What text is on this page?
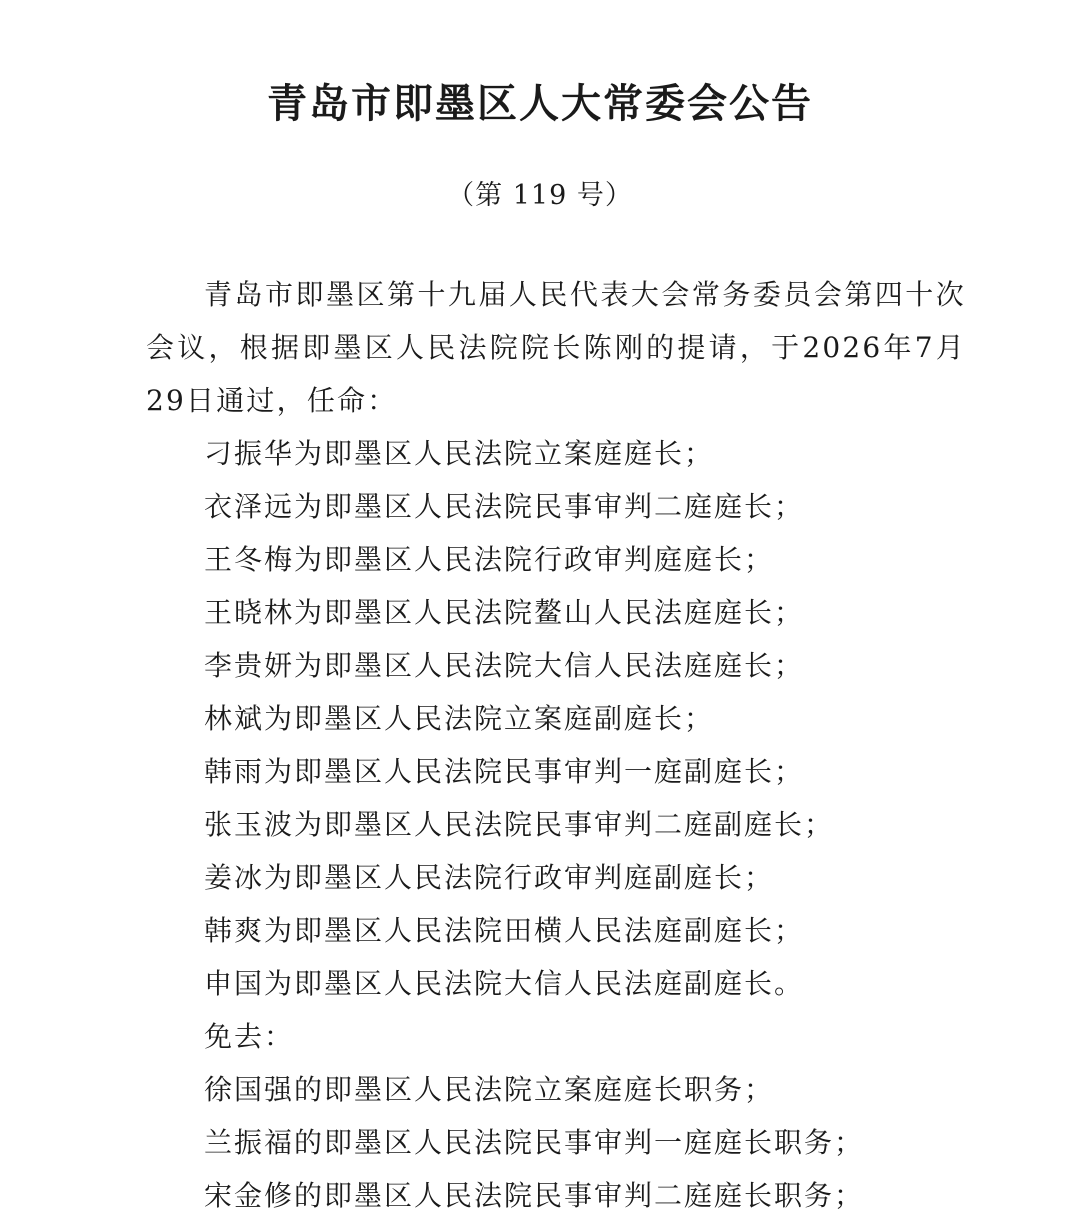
青岛市即墨区人大常委会公告
（第 119 号）

青岛市即墨区第十九届人民代表大会常务委员会第四十次会议，根据即墨区人民法院院长陈刚的提请，于2026年7月29日通过，任命：

刁振华为即墨区人民法院立案庭庭长；

衣泽远为即墨区人民法院民事审判二庭庭长；

王冬梅为即墨区人民法院行政审判庭庭长；

王晓林为即墨区人民法院鳌山人民法庭庭长；

李贵妍为即墨区人民法院大信人民法庭庭长；

林斌为即墨区人民法院立案庭副庭长；

韩雨为即墨区人民法院民事审判一庭副庭长；

张玉波为即墨区人民法院民事审判二庭副庭长；

姜冰为即墨区人民法院行政审判庭副庭长；

韩爽为即墨区人民法院田横人民法庭副庭长；

申国为即墨区人民法院大信人民法庭副庭长。

免去：

徐国强的即墨区人民法院立案庭庭长职务；

兰振福的即墨区人民法院民事审判一庭庭长职务；

宋金修的即墨区人民法院民事审判二庭庭长职务；
